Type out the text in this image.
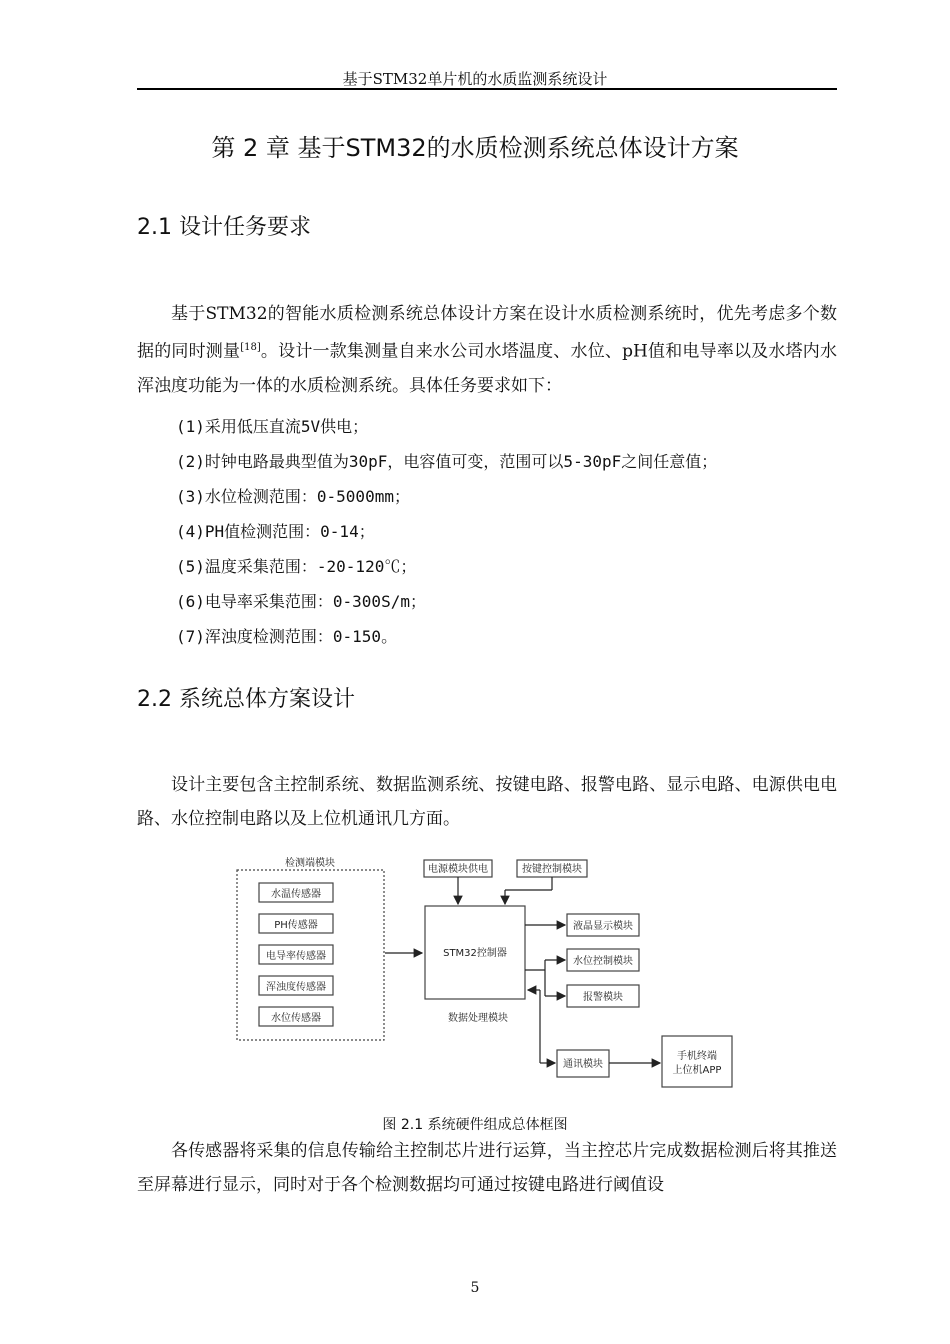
基于STM32单片机的水质监测系统设计
第 2 章 基于STM32的水质检测系统总体设计方案
2.1 设计任务要求

基于STM32的智能水质检测系统总体设计方案在设计水质检测系统时，优先考虑多个数据的同时测量[18]。设计一款集测量自来水公司水塔温度、水位、pH值和电导率以及水塔内水浑浊度功能为一体的水质检测系统。具体任务要求如下：

(1)采用低压直流5V供电；
(2)时钟电路最典型值为30pF，电容值可变，范围可以5-30pF之间任意值；
(3)水位检测范围：0-5000mm；
(4)PH值检测范围：0-14；
(5)温度采集范围：-20-120℃；
(6)电导率采集范围：0-300S/m；
(7)浑浊度检测范围：0-150。
2.2 系统总体方案设计

设计主要包含主控制系统、数据监测系统、按键电路、报警电路、显示电路、电源供电电路、水位控制电路以及上位机通讯几方面。

检测端模块
水温传感器
PH传感器
电导率传感器
浑浊度传感器
水位传感器
电源模块供电	按键控制模块
STM32控制器
数据处理模块
液晶显示模块
水位控制模块
报警模块
通讯模块
手机终端
上位机APP
图 2.1 系统硬件组成总体框图

各传感器将采集的信息传输给主控制芯片进行运算，当主控芯片完成数据检测后将其推送至屏幕进行显示，同时对于各个检测数据均可通过按键电路进行阈值设

5
